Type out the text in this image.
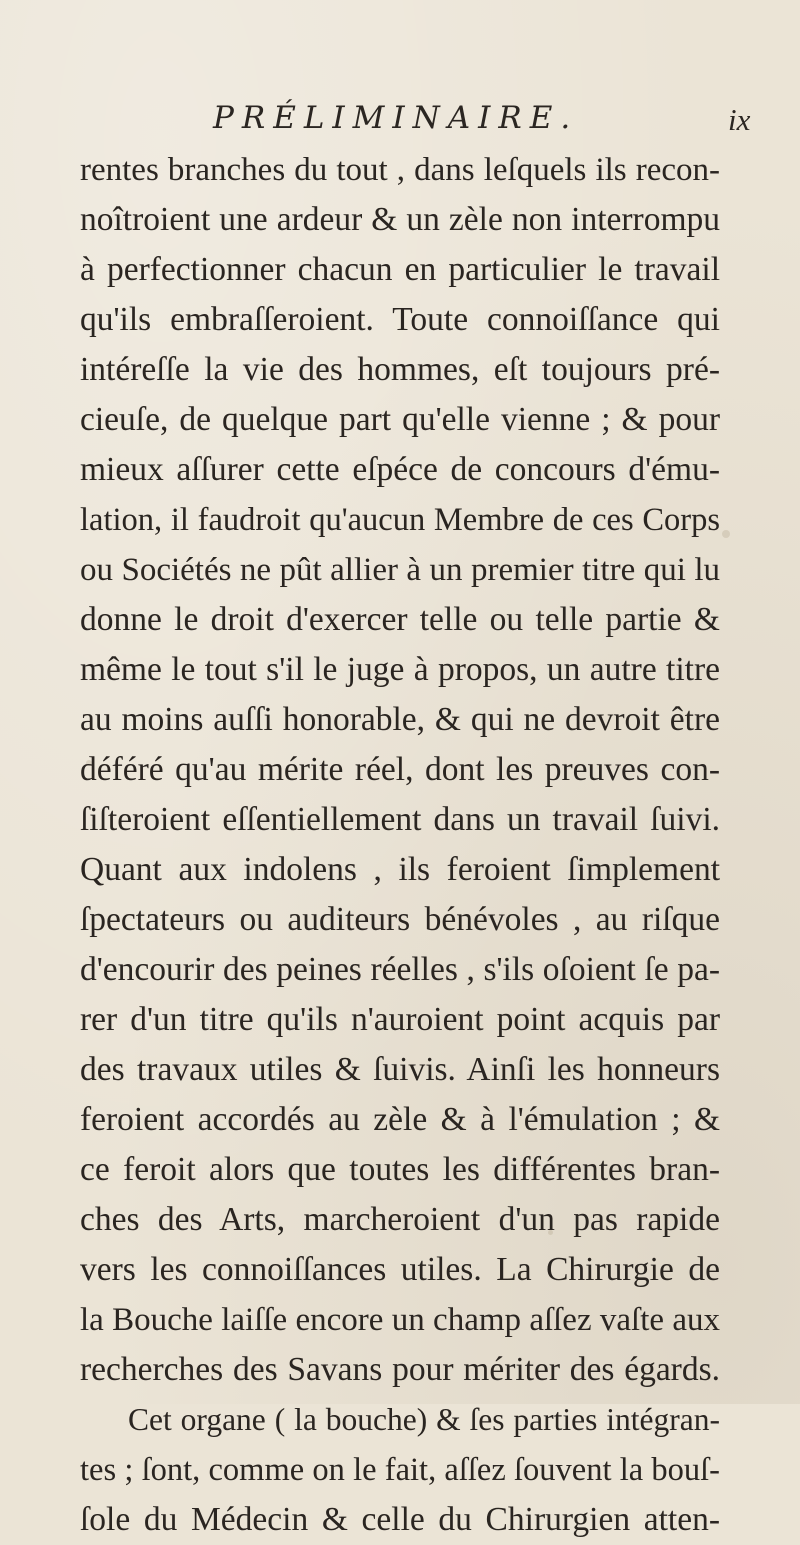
PRÉLIMINAIRE.	ix
rentes branches du tout , dans leſquels ils recon-
noîtroient une ardeur & un zèle non interrompu
à perfectionner chacun en particulier le travail
qu'ils embraſſeroient. Toute connoiſſance qui
intéreſſe la vie des hommes, eſt toujours pré-
cieuſe, de quelque part qu'elle vienne ; & pour
mieux aſſurer cette eſpéce de concours d'ému-
lation, il faudroit qu'aucun Membre de ces Corps
ou Sociétés ne pût allier à un premier titre qui lu
donne le droit d'exercer telle ou telle partie &
même le tout s'il le juge à propos, un autre titre
au moins auſſi honorable, & qui ne devroit être
déféré qu'au mérite réel, dont les preuves con-
ſiſteroient eſſentiellement dans un travail ſuivi.
Quant aux indolens , ils feroient ſimplement
ſpectateurs ou auditeurs bénévoles , au riſque
d'encourir des peines réelles , s'ils oſoient ſe pa-
rer d'un titre qu'ils n'auroient point acquis par
des travaux utiles & ſuivis. Ainſi les honneurs
feroient accordés au zèle & à l'émulation ; &
ce feroit alors que toutes les différentes bran-
ches des Arts, marcheroient d'un pas rapide
vers les connoiſſances utiles. La Chirurgie de
la Bouche laiſſe encore un champ aſſez vaſte aux
recherches des Savans pour mériter des égards.
Cet organe ( la bouche) & ſes parties intégran-
tes ; ſont, comme on le fait, aſſez ſouvent la bouſ-
ſole du Médecin & celle du Chirurgien atten-
